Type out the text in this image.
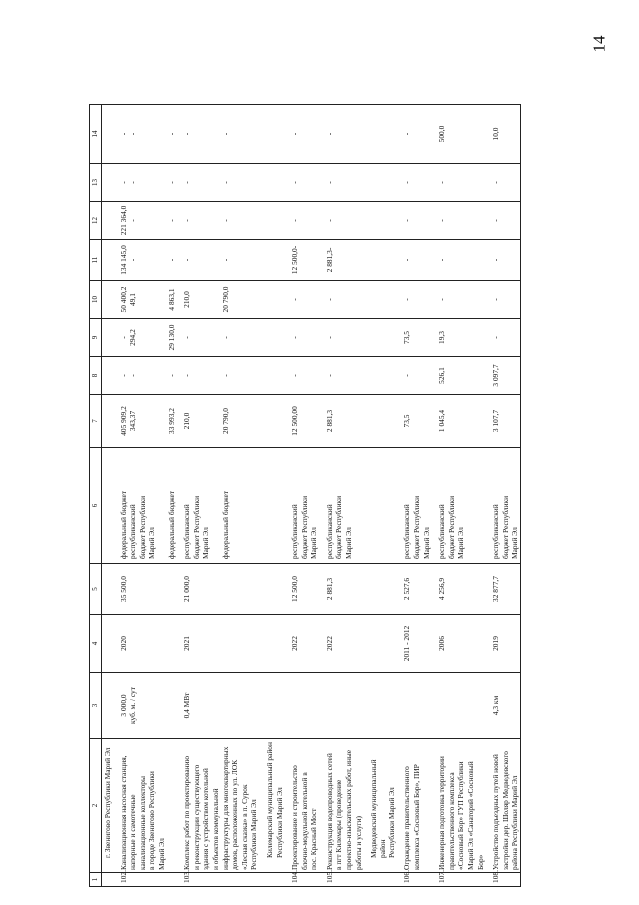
14
1	2	3	4	5	6	7	8	9	10	11	12	13	14
	г. Звенигово Республики Марий Эл												

102.	Канализационная насосная станция,	3 000,0	2020	35 500,0	федеральный бюджет	405 909,2	-	-	50 400,2	134 145,0	221 364,0	-	-
	напорные и самотечные	куб. м. / сут			республиканский	343,37	-	294,2	49,1	-	-	-	-
	канализационные коллекторы				бюджет Республики								
	в городе Звенигово Республики				Марий Эл								
	Марий Эл												
					федеральный бюджет	33 993,2	-	29 130,0	4 863,1	-	-	-	-

103.	Комплекс работ по проектированию	0,4 МВт	2021	21 000,0	республиканский	210,0	-	-	210,0	-	-	-	-
	и реконструкции существующего				бюджет Республики								
	здания с устройством котельной				Марий Эл								
	и объектов коммунальной												
	инфраструктуры для многоквартирных				федеральный бюджет	20 790,0	-	-	20 790,0	-	-	-	-
	домов, расположенных по ул. ЛОК												
	«Лесная сказка» в п. Сурок												
	Республики Марий Эл												

	Килемарский муниципальный район												
	Республики Марий Эл												

104.	Проектирование и строительство		2022	12 500,0	республиканский	12 500,00	-	-	-	12 500,0-	-	-	-
	блочно-модульной котельной в				бюджет Республики								
	пос. Красный Мост				Марий Эл								

105.	Реконструкция водопроводных сетей		2022	2 881,3	республиканский	2 881,3	-	-	-	2 881,3-	-	-	-
	в пгт Килемары (проведение				бюджет Республики								
	проектно-изыскательских работ, иные				Марий Эл								
	работы и услуги)												

	Медведевский муниципальный район												
	Республики Марий Эл												

106.	Ограждение правительственного		2011 - 2012	2 527,6	республиканский	73,5	-	73,5	-	-	-	-	-
	комплекса «Сосновый Бор», ПИР				бюджет Республики								
					Марий Эл								

107.	Инженерная подготовка территории		2006	4 256,9	республиканский	1 045,4	526,1	19,3	-	-	-	-	500,0
	правительственного комплекса				бюджет Республики								
	«Сосновый Бор» ГУП Республики				Марий Эл								
	Марий Эл «Санаторий «Сосновый												
	Бор»												

108.	Устройство подъездных путей новой	4,3 км	2019	32 877,7	республиканский	3 107,7	3 097,7	-	-	-	-	-	10,0
	застройки дер. Шоляр Медведевского				бюджет Республики								
	района Республики Марий Эл				Марий Эл								
